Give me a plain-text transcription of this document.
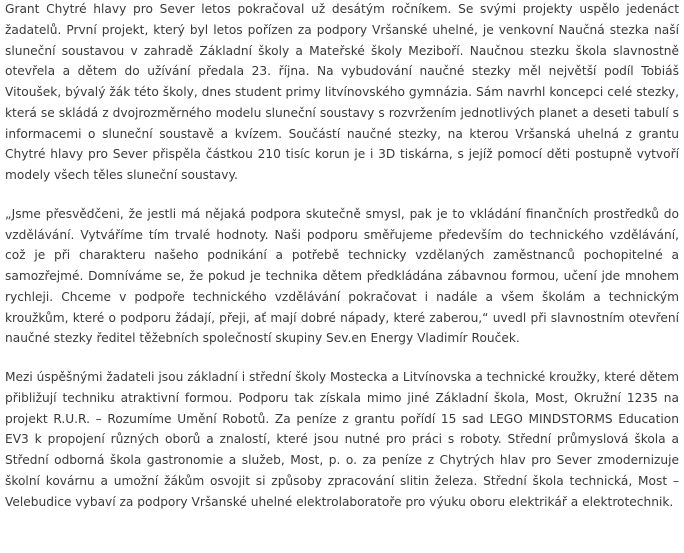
Grant Chytré hlavy pro Sever letos pokračoval už desátým ročníkem. Se svými projekty uspělo jedenáct žadatelů. První projekt, který byl letos pořízen za podpory Vršanské uhelné, je venkovní Naučná stezka naší sluneční soustavou v zahradě Základní školy a Mateřské školy Meziboří. Naučnou stezku škola slavnostně otevřela a dětem do užívání předala 23. října. Na vybudování naučné stezky měl největší podíl Tobiáš Vitoušek, bývalý žák této školy, dnes student primy litvínovského gymnázia. Sám navrhl koncepci celé stezky, která se skládá z dvojrozměrného modelu sluneční soustavy s rozvržením jednotlivých planet a deseti tabulí s informacemi o sluneční soustavě a kvízem. Součástí naučné stezky, na kterou Vršanská uhelná z grantu Chytré hlavy pro Sever přispěla částkou 210 tisíc korun je i 3D tiskárna, s jejíž pomocí děti postupně vytvoří modely všech těles sluneční soustavy.

„Jsme přesvědčeni, že jestli má nějaká podpora skutečně smysl, pak je to vkládání finančních prostředků do vzdělávání. Vytváříme tím trvalé hodnoty. Naši podporu směřujeme především do technického vzdělávání, což je při charakteru našeho podnikání a potřebě technicky vzdělaných zaměstnanců pochopitelné a samozřejmé. Domníváme se, že pokud je technika dětem předkládána zábavnou formou, učení jde mnohem rychleji. Chceme v podpoře technického vzdělávání pokračovat i nadále a všem školám a technickým kroužkům, které o podporu žádají, přeji, ať mají dobré nápady, které zaberou,“ uvedl při slavnostním otevření naučné stezky ředitel těžebních společností skupiny Sev.en Energy Vladimír Rouček.

Mezi úspěšnými žadateli jsou základní i střední školy Mostecka a Litvínovska a technické kroužky, které dětem přibližují techniku atraktivní formou. Podporu tak získala mimo jiné Základní škola, Most, Okružní 1235 na projekt R.U.R. – Rozumíme Umění Robotů. Za peníze z grantu pořídí 15 sad LEGO MINDSTORMS Education EV3 k propojení různých oborů a znalostí, které jsou nutné pro práci s roboty. Střední průmyslová škola a Střední odborná škola gastronomie a služeb, Most, p. o. za peníze z Chytrých hlav pro Sever zmodernizuje školní kovárnu a umožní žákům osvojit si způsoby zpracování slitin železa. Střední škola technická, Most – Velebudice vybaví za podpory Vršanské uhelné elektrolaboratoře pro výuku oboru elektrikář a elektrotechnik.
